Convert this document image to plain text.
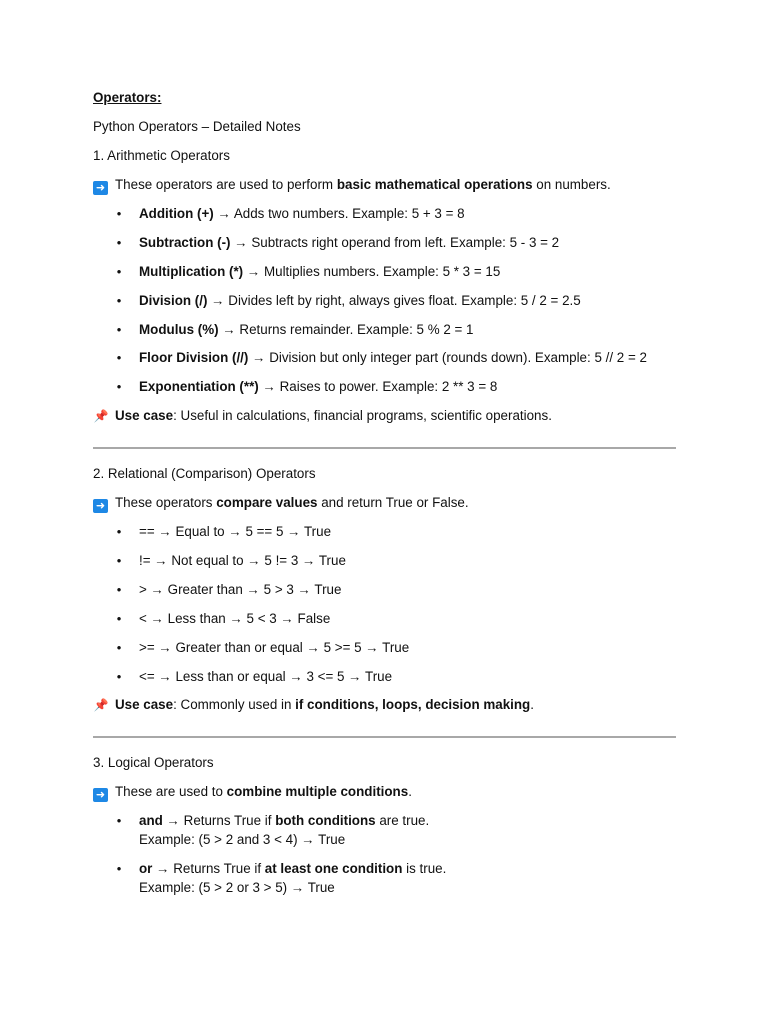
Operators:
Python Operators – Detailed Notes
1. Arithmetic Operators
➜ These operators are used to perform basic mathematical operations on numbers.
• Addition (+) → Adds two numbers. Example: 5 + 3 = 8
• Subtraction (-) → Subtracts right operand from left. Example: 5 - 3 = 2
• Multiplication (*) → Multiplies numbers. Example: 5 * 3 = 15
• Division (/) → Divides left by right, always gives float. Example: 5 / 2 = 2.5
• Modulus (%) → Returns remainder. Example: 5 % 2 = 1
• Floor Division (//) → Division but only integer part (rounds down). Example: 5 // 2 = 2
• Exponentiation (**) → Raises to power. Example: 2 ** 3 = 8
📌 Use case: Useful in calculations, financial programs, scientific operations.
2. Relational (Comparison) Operators
➜ These operators compare values and return True or False.
• == → Equal to → 5 == 5 → True
• != → Not equal to → 5 != 3 → True
• > → Greater than → 5 > 3 → True
• < → Less than → 5 < 3 → False
• >= → Greater than or equal → 5 >= 5 → True
• <= → Less than or equal → 3 <= 5 → True
📌 Use case: Commonly used in if conditions, loops, decision making.
3. Logical Operators
➜ These are used to combine multiple conditions.
• and → Returns True if both conditions are true.
Example: (5 > 2 and 3 < 4) → True
• or → Returns True if at least one condition is true.
Example: (5 > 2 or 3 > 5) → True
